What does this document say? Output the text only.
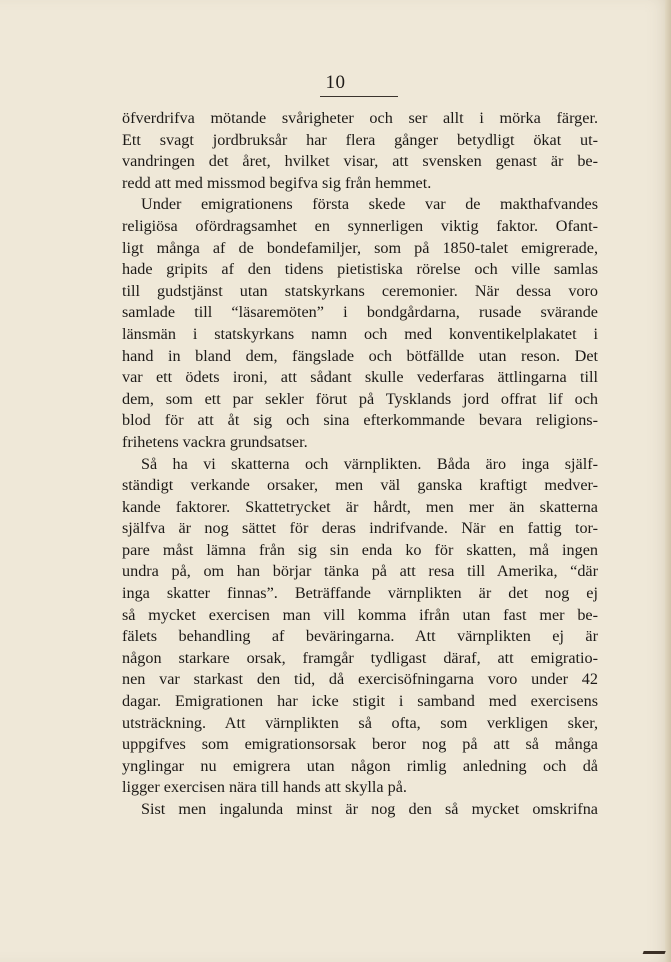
10
öfverdrifva mötande svårigheter och ser allt i mörka färger.
Ett svagt jordbruksår har flera gånger betydligt ökat ut-
vandringen det året, hvilket visar, att svensken genast är be-
redd att med missmod begifva sig från hemmet.
Under emigrationens första skede var de makthafvandes
religiösa ofördragsamhet en synnerligen viktig faktor. Ofant-
ligt många af de bondefamiljer, som på 1850-talet emigrerade,
hade gripits af den tidens pietistiska rörelse och ville samlas
till gudstjänst utan statskyrkans ceremonier. När dessa voro
samlade till “läsaremöten” i bondgårdarna, rusade svärande
länsmän i statskyrkans namn och med konventikelplakatet i
hand in bland dem, fängslade och bötfällde utan reson. Det
var ett ödets ironi, att sådant skulle vederfaras ättlingarna till
dem, som ett par sekler förut på Tysklands jord offrat lif och
blod för att åt sig och sina efterkommande bevara religions-
frihetens vackra grundsatser.
Så ha vi skatterna och värnplikten. Båda äro inga själf-
ständigt verkande orsaker, men väl ganska kraftigt medver-
kande faktorer. Skattetrycket är hårdt, men mer än skatterna
själfva är nog sättet för deras indrifvande. När en fattig tor-
pare måst lämna från sig sin enda ko för skatten, må ingen
undra på, om han börjar tänka på att resa till Amerika, “där
inga skatter finnas”. Beträffande värnplikten är det nog ej
så mycket exercisen man vill komma ifrån utan fast mer be-
fälets behandling af beväringarna. Att värnplikten ej är
någon starkare orsak, framgår tydligast däraf, att emigratio-
nen var starkast den tid, då exercisöfningarna voro under 42
dagar. Emigrationen har icke stigit i samband med exercisens
utsträckning. Att värnplikten så ofta, som verkligen sker,
uppgifves som emigrationsorsak beror nog på att så många
ynglingar nu emigrera utan någon rimlig anledning och då
ligger exercisen nära till hands att skylla på.
Sist men ingalunda minst är nog den så mycket omskrifna
